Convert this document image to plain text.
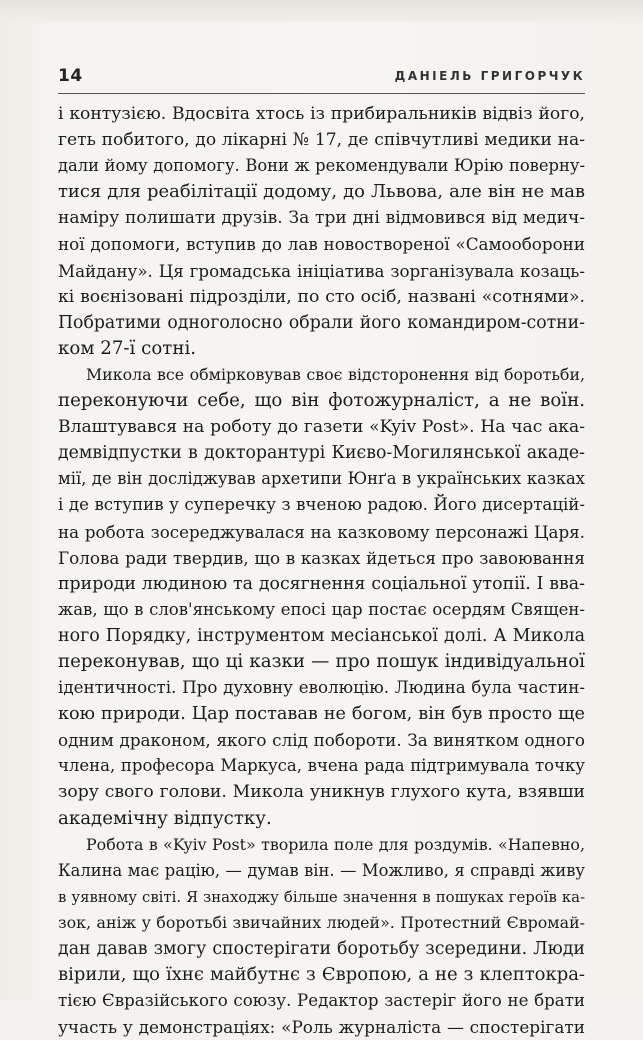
14	ДАНІЕЛЬ ГРИГОРЧУК

і контузією. Вдосвіта хтось із прибиральників відвіз його,
геть побитого, до лікарні № 17, де співчутливі медики на-
дали йому допомогу. Вони ж рекомендували Юрію поверну-
тися для реабілітації додому, до Львова, але він не мав
наміру полишати друзів. За три дні відмовився від медич-
ної допомоги, вступив до лав новоствореної «Самооборони
Майдану». Ця громадська ініціатива зорганізувала козаць-
кі воєнізовані підрозділи, по сто осіб, названі «сотнями».
Побратими одноголосно обрали його командиром-сотни-
ком 27-ї сотні.

Микола все обмірковував своє відсторонення від боротьби,
переконуючи себе, що він фотожурналіст, а не воїн.
Влаштувався на роботу до газети «Kyiv Post». На час ака-
демвідпустки в докторантурі Києво-Могилянської акаде-
мії, де він досліджував архетипи Юнґа в українських казках
і де вступив у суперечку з вченою радою. Його дисертацій-
на робота зосереджувалася на казковому персонажі Царя.
Голова ради твердив, що в казках йдеться про завоювання
природи людиною та досягнення соціальної утопії. І вва-
жав, що в слов'янському епосі цар постає осердям Священ-
ного Порядку, інструментом месіанської долі. А Микола
переконував, що ці казки — про пошук індивідуальної
ідентичності. Про духовну еволюцію. Людина була частин-
кою природи. Цар поставав не богом, він був просто ще
одним драконом, якого слід побороти. За винятком одного
члена, професора Маркуса, вчена рада підтримувала точку
зору свого голови. Микола уникнув глухого кута, взявши
академічну відпустку.

Робота в «Kyiv Post» творила поле для роздумів. «Напевно,
Калина має рацію, — думав він. — Можливо, я справді живу
в уявному світі. Я знаходжу більше значення в пошуках героїв ка-
зок, аніж у боротьбі звичайних людей». Протестний Євромай-
дан давав змогу спостерігати боротьбу зсередини. Люди
вірили, що їхнє майбутнє з Європою, а не з клептокра-
тією Євразійського союзу. Редактор застеріг його не брати
участь у демонстраціях: «Роль журналіста — спостерігати
